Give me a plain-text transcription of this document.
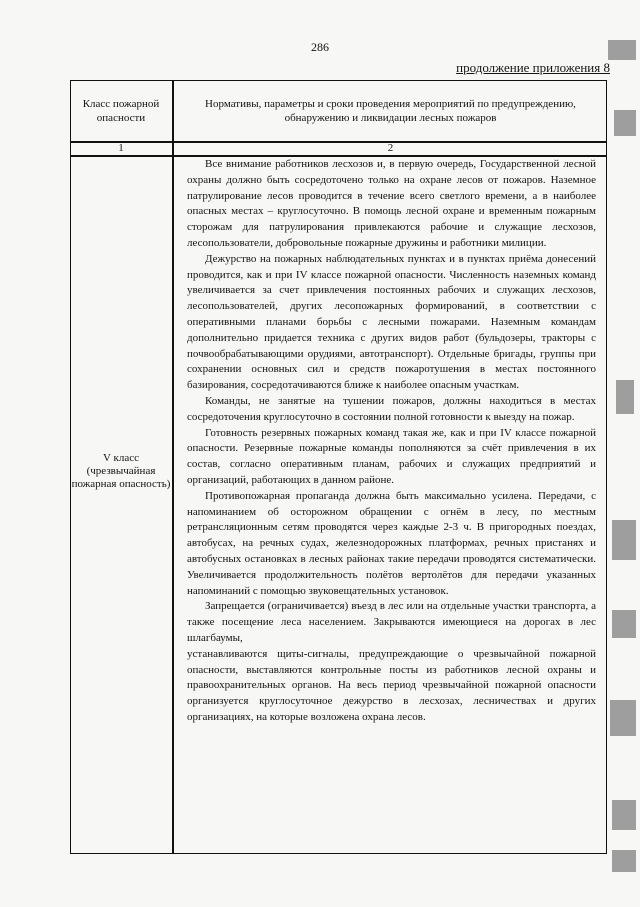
286
продолжение приложения 8
Класс пожарной опасности
Нормативы, параметры и сроки проведения мероприятий по предупреждению, обнаружению и ликвидации лесных пожаров
1	2
V класс (чрезвычайная пожарная опасность)

Все внимание работников лесхозов и, в первую очередь, Государственной лесной охраны должно быть сосредоточено только на охране лесов от пожаров. Наземное патрулирование лесов проводится в течение всего светлого времени, а в наиболее опасных местах – круглосуточно. В помощь лесной охране и временным пожарным сторожам для патрулирования привлекаются рабочие и служащие лесхозов, лесопользователи, добровольные пожарные дружины и работники милиции.

Дежурство на пожарных наблюдательных пунктах и в пунктах приёма донесений проводится, как и при IV классе пожарной опасности. Численность наземных команд увеличивается за счет привлечения постоянных рабочих и служащих лесхозов, лесопользователей, других лесопожарных формирований, в соответствии с оперативными планами борьбы с лесными пожарами. Наземным командам дополнительно придается техника с других видов работ (бульдозеры, тракторы с почвообрабатывающими орудиями, автотранспорт). Отдельные бригады, группы при сохранении основных сил и средств пожаротушения в местах постоянного базирования, сосредотачиваются ближе к наиболее опасным участкам.

Команды, не занятые на тушении пожаров, должны находиться в местах сосредоточения круглосуточно в состоянии полной готовности к выезду на пожар.

Готовность резервных пожарных команд такая же, как и при IV классе пожарной опасности. Резервные пожарные команды пополняются за счёт привлечения в их состав, согласно оперативным планам, рабочих и служащих предприятий и организаций, работающих в данном районе.

Противопожарная пропаганда должна быть максимально усилена. Передачи, с напоминанием об осторожном обращении с огнём в лесу, по местным ретрансляционным сетям проводятся через каждые 2-3 ч. В пригородных поездах, автобусах, на речных судах, железнодорожных платформах, речных пристанях и автобусных остановках в лесных районах такие передачи проводятся систематически. Увеличивается продолжительность полётов вертолётов для передачи указанных напоминаний с помощью звуковещательных установок.

Запрещается (ограничивается) въезд в лес или на отдельные участки транспорта, а также посещение леса населением. Закрываются имеющиеся на дорогах в лес шлагбаумы,

устанавливаются щиты-сигналы, предупреждающие о чрезвычайной пожарной опасности, выставляются контрольные посты из работников лесной охраны и правоохранительных органов. На весь период чрезвычайной пожарной опасности организуется круглосуточное дежурство в лесхозах, лесничествах и других организациях, на которые возложена охрана лесов.
